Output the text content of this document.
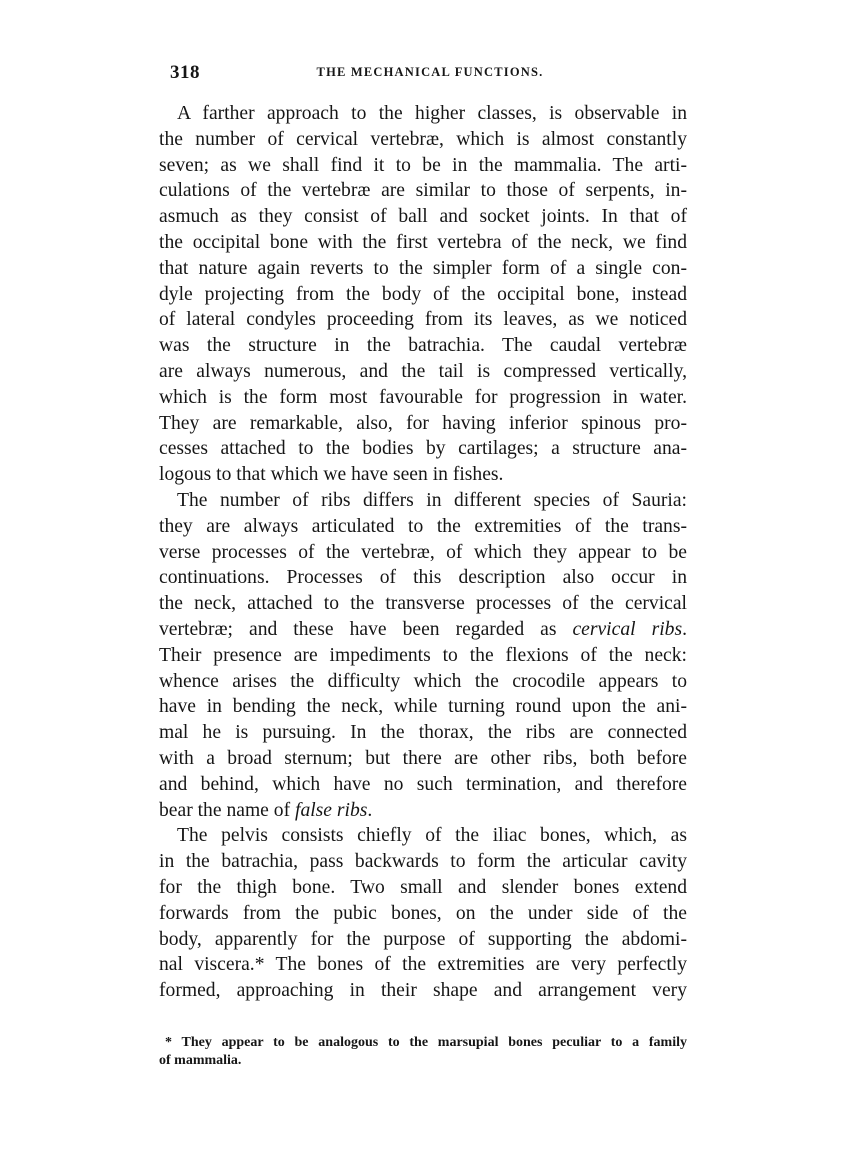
318	THE MECHANICAL FUNCTIONS.
A farther approach to the higher classes, is observable in
the number of cervical vertebræ, which is almost constantly
seven; as we shall find it to be in the mammalia. The arti-
culations of the vertebræ are similar to those of serpents, in-
asmuch as they consist of ball and socket joints. In that of
the occipital bone with the first vertebra of the neck, we find
that nature again reverts to the simpler form of a single con-
dyle projecting from the body of the occipital bone, instead
of lateral condyles proceeding from its leaves, as we noticed
was the structure in the batrachia. The caudal vertebræ
are always numerous, and the tail is compressed vertically,
which is the form most favourable for progression in water.
They are remarkable, also, for having inferior spinous pro-
cesses attached to the bodies by cartilages; a structure ana-
logous to that which we have seen in fishes.
The number of ribs differs in different species of Sauria:
they are always articulated to the extremities of the trans-
verse processes of the vertebræ, of which they appear to be
continuations. Processes of this description also occur in
the neck, attached to the transverse processes of the cervical
vertebræ; and these have been regarded as cervical ribs.
Their presence are impediments to the flexions of the neck:
whence arises the difficulty which the crocodile appears to
have in bending the neck, while turning round upon the ani-
mal he is pursuing. In the thorax, the ribs are connected
with a broad sternum; but there are other ribs, both before
and behind, which have no such termination, and therefore
bear the name of false ribs.
The pelvis consists chiefly of the iliac bones, which, as
in the batrachia, pass backwards to form the articular cavity
for the thigh bone. Two small and slender bones extend
forwards from the pubic bones, on the under side of the
body, apparently for the purpose of supporting the abdomi-
nal viscera.* The bones of the extremities are very perfectly
formed, approaching in their shape and arrangement very
* They appear to be analogous to the marsupial bones peculiar to a family
of mammalia.
